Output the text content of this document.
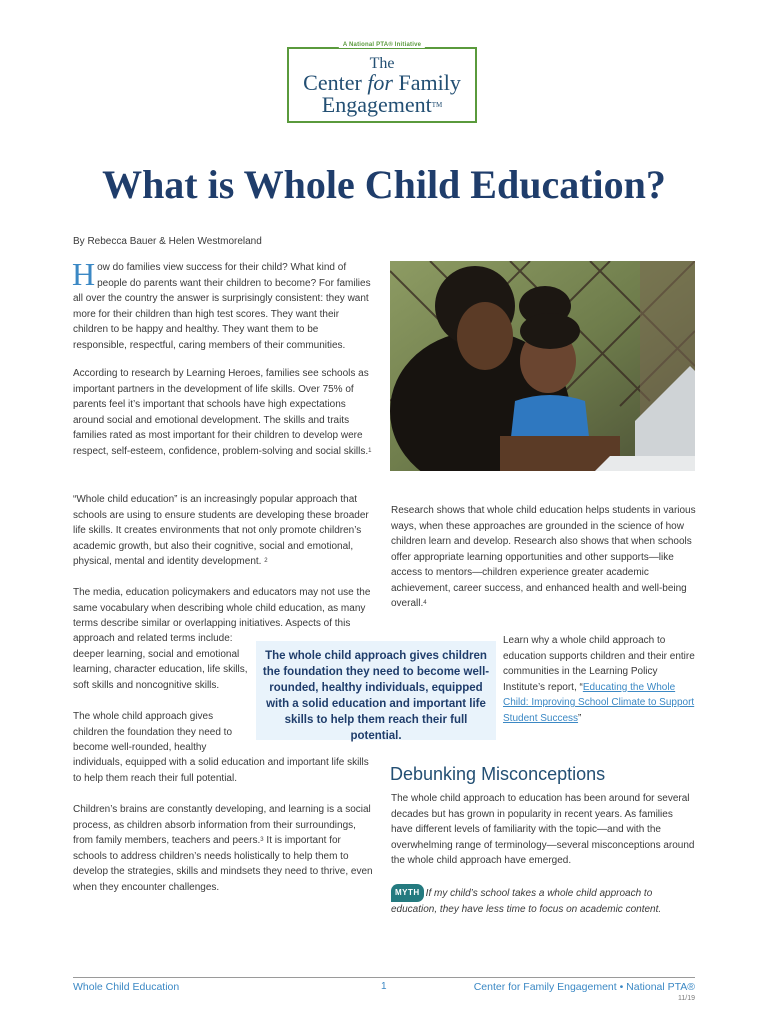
A National PTA® Initiative
The
Center for Family
Engagement™
What is Whole Child Education?
By Rebecca Bauer & Helen Westmoreland

How do families view success for their child? What kind of people do parents want their children to become? For families all over the country the answer is surprisingly consistent: they want more for their children than high test scores. They want their children to be happy and healthy. They want them to be responsible, respectful, caring members of their communities.

According to research by Learning Heroes, families see schools as important partners in the development of life skills. Over 75% of parents feel it’s important that schools have high expectations around social and emotional development. The skills and traits families rated as most important for their children to develop were respect, self-esteem, confidence, problem-solving and social skills.$^1$

“Whole child education” is an increasingly popular approach that schools are using to ensure students are developing these broader life skills. It creates environments that not only promote children’s academic growth, but also their cognitive, social and emotional, physical, mental and identity development. $^2$

The media, education policymakers and educators may not use the same vocabulary when describing whole child education, as many terms describe similar or overlapping initiatives. Aspects of this

approach and related terms include: deeper learning, social and emotional learning, character education, life skills, soft skills and noncognitive skills.

The whole child approach gives children the foundation they need to become well-rounded, healthy

individuals, equipped with a solid education and important life skills to help them reach their full potential.

Children’s brains are constantly developing, and learning is a social process, as children absorb information from their surroundings, from family members, teachers and peers.$^3$ It is important for schools to address children’s needs holistically to help them to develop the strategies, skills and mindsets they need to thrive, even when they encounter challenges.

Research shows that whole child education helps students in various ways, when these approaches are grounded in the science of how children learn and develop. Research also shows that when schools offer appropriate learning opportunities and other supports—like access to mentors—children experience greater academic achievement, career success, and enhanced health and well-being overall.$^4$

The whole child approach gives children the foundation they need to become well-rounded, healthy individuals, equipped with a solid education and important life skills to help them reach their full potential.

Learn why a whole child approach to education supports children and their entire communities in the Learning Policy Institute’s report, “Educating the Whole Child: Improving School Climate to Support Student Success”

Debunking Misconceptions

The whole child approach to education has been around for several decades but has grown in popularity in recent years. As families have different levels of familiarity with the topic—and with the overwhelming range of terminology—several misconceptions around the whole child approach have emerged.

MYTH If my child’s school takes a whole child approach to education, they have less time to focus on academic content.

Whole Child Education	1	Center for Family Engagement • National PTA®
11/19
